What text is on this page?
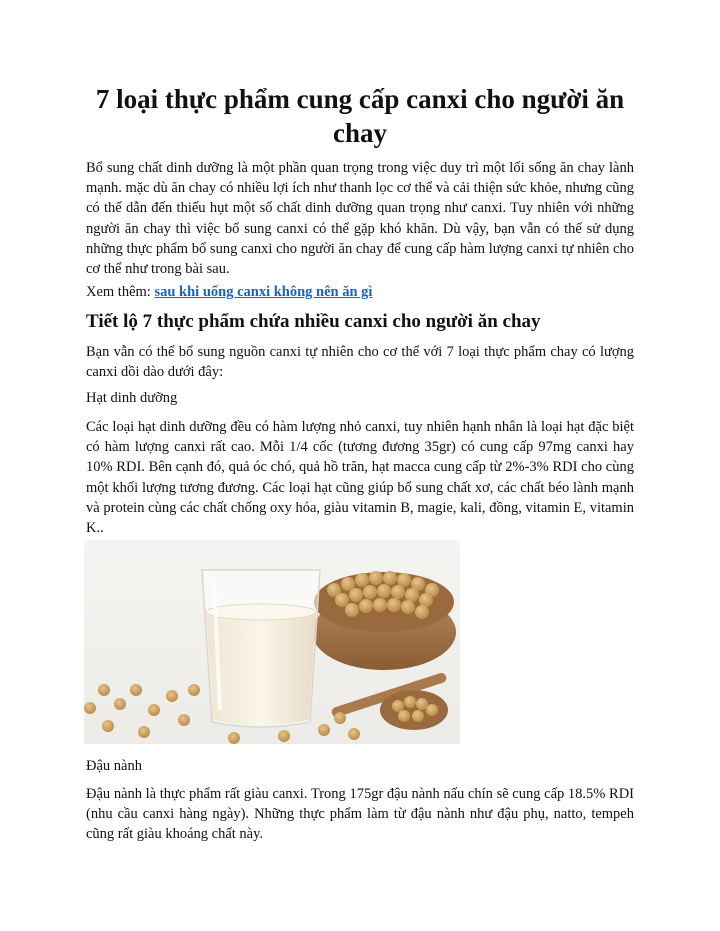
7 loại thực phẩm cung cấp canxi cho người ăn chay

Bổ sung chất dinh dưỡng là một phần quan trọng trong việc duy trì một lối sống ăn chay lành mạnh. mặc dù ăn chay có nhiều lợi ích như thanh lọc cơ thể và cải thiện sức khỏe, nhưng cũng có thể dẫn đến thiếu hụt một số chất dinh dưỡng quan trọng như canxi. Tuy nhiên với những người ăn chay thì việc bổ sung canxi có thể gặp khó khăn. Dù vậy, bạn vẫn có thể sử dụng những thực phẩm bổ sung canxi cho người ăn chay để cung cấp hàm lượng canxi tự nhiên cho cơ thể như trong bài sau.

Xem thêm: sau khi uống canxi không nên ăn gì

Tiết lộ 7 thực phẩm chứa nhiều canxi cho người ăn chay

Bạn vẫn có thể bổ sung nguồn canxi tự nhiên cho cơ thể với 7 loại thực phẩm chay có lượng canxi dồi dào dưới đây:

Hạt dinh dưỡng

Các loại hạt dinh dưỡng đều có hàm lượng nhỏ canxi, tuy nhiên hạnh nhân là loại hạt đặc biệt có hàm lượng canxi rất cao. Mỗi 1/4 cốc (tương đương 35gr) có cung cấp 97mg canxi hay 10% RDI. Bên cạnh đó, quả óc chó, quả hồ trăn, hạt macca cung cấp từ 2%-3% RDI cho cùng một khối lượng tương đương. Các loại hạt cũng giúp bổ sung chất xơ, các chất béo lành mạnh và protein cùng các chất chống oxy hóa, giàu vitamin B, magie, kali, đồng, vitamin E, vitamin K..

Đậu nành

Đậu nành là thực phẩm rất giàu canxi. Trong 175gr đậu nành nấu chín sẽ cung cấp 18.5% RDI (nhu cầu canxi hàng ngày). Những thực phẩm làm từ đậu nành như đậu phụ, natto, tempeh cũng rất giàu khoáng chất này.
